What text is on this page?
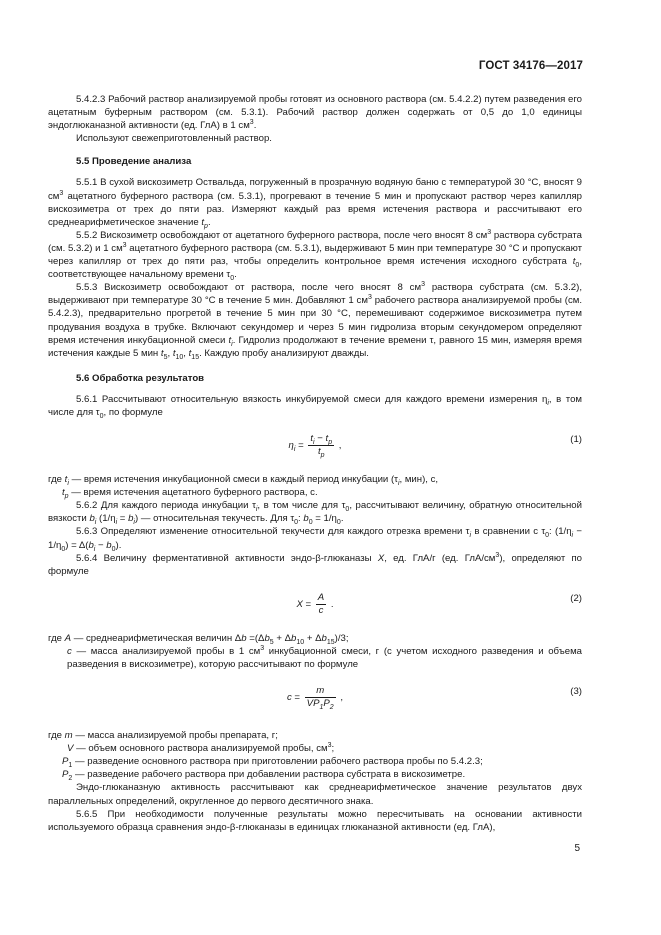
ГОСТ 34176—2017

5.4.2.3 Рабочий раствор анализируемой пробы готовят из основного раствора (см. 5.4.2.2) путем разведения его ацетатным буферным раствором (см. 5.3.1). Рабочий раствор должен содержать от 0,5 до 1,0 единицы эндоглюканазной активности (ед. ГлА) в 1 $см^3$.

Используют свежеприготовленный раствор.

5.5 Проведение анализа

5.5.1 В сухой вискозиметр Оствальда, погруженный в прозрачную водяную баню с температурой 30 °С, вносят 9 $см^3$ ацетатного буферного раствора (см. 5.3.1), прогревают в течение 5 мин и пропускают раствор через капилляр вискозиметра от трех до пяти раз. Измеряют каждый раз время истечения раствора и рассчитывают его среднеарифметическое значение $t_p$.

5.5.2 Вискозиметр освобождают от ацетатного буферного раствора, после чего вносят 8 $см^3$ раствора субстрата (см. 5.3.2) и 1 $см^3$ ацетатного буферного раствора (см. 5.3.1), выдерживают 5 мин при температуре 30 °С и пропускают через капилляр от трех до пяти раз, чтобы определить контрольное время истечения исходного субстрата $t_0$, соответствующее начальному времени $\tau_0$.

5.5.3 Вискозиметр освобождают от раствора, после чего вносят 8 $см^3$ раствора субстрата (см. 5.3.2), выдерживают при температуре 30 °С в течение 5 мин. Добавляют 1 $см^3$ рабочего раствора анализируемой пробы (см. 5.4.2.3), предварительно прогретой в течение 5 мин при 30 °С, перемешивают содержимое вискозиметра путем продувания воздуха в трубке. Включают секундомер и через 5 мин гидролиза вторым секундомером определяют время истечения инкубационной смеси $t_i$. Гидролиз продолжают в течение времени τ, равного 15 мин, измеряя время истечения каждые 5 мин $t_5$, $t_{10}$, $t_{15}$. Каждую пробу анализируют дважды.

5.6 Обработка результатов

5.6.1 Рассчитывают относительную вязкость инкубируемой смеси для каждого времени измерения $\eta_i$, в том числе для $\tau_0$, по формуле

$\eta_i = \frac{t_i - t_p}{t_p}$ ,
(1)

где $t_i$ — время истечения инкубационной смеси в каждый период инкубации ($\tau_i$, мин), с,

$t_p$ — время истечения ацетатного буферного раствора, с.

5.6.2 Для каждого периода инкубации $\tau_i$, в том числе для $\tau_0$, рассчитывают величину, обратную относительной вязкости $b_i$ $(1/\eta_i = b_i)$ — относительная текучесть. Для $\tau_0$: $b_0 = 1/\eta_0$.

5.6.3 Определяют изменение относительной текучести для каждого отрезка времени $\tau_i$ в сравнении с $\tau_0$: $(1/\eta_i - 1/\eta_0) = \Delta(b_i - b_0)$.

5.6.4 Величину ферментативной активности эндо-β-глюканазы X, ед. ГлА/г (ед. ГлА/$см^3$), определяют по формуле

$X = \frac{A}{c}$ .
(2)

где А — среднеарифметическая величин $\Delta b =(\Delta b_5 + \Delta b_{10} + \Delta b_{15})/3$;

с — масса анализируемой пробы в 1 $см^3$ инкубационной смеси, г (с учетом исходного разведения и объема разведения в вискозиметре), которую рассчитывают по формуле

$c = \frac{m}{VP_1P_2}$ ,
(3)

где m — масса анализируемой пробы препарата, г;

V — объем основного раствора анализируемой пробы, $см^3$;

$P_1$ — разведение основного раствора при приготовлении рабочего раствора пробы по 5.4.2.3;

$P_2$ — разведение рабочего раствора при добавлении раствора субстрата в вискозиметре.

Эндо-глюканазную активность рассчитывают как среднеарифметическое значение результатов двух параллельных определений, округленное до первого десятичного знака.

5.6.5 При необходимости полученные результаты можно пересчитывать на основании активности используемого образца сравнения эндо-β-глюканазы в единицах глюканазной активности (ед. ГлА),

5
